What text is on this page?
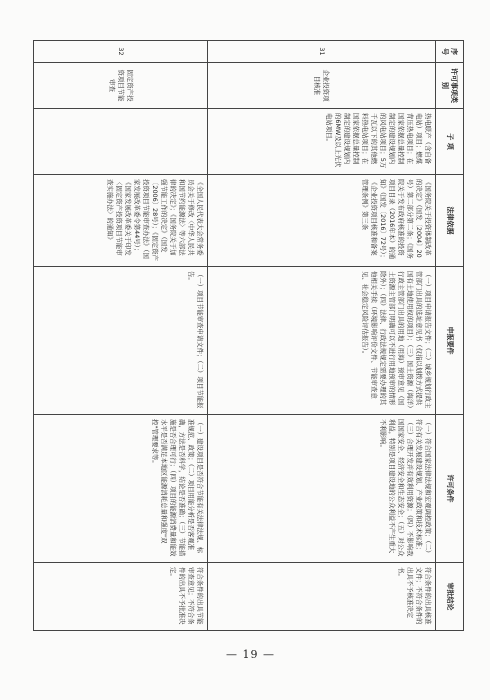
序号	许可事项类别	子 项	法律依据	申报要件	许可条件	审批结论
31	企业投资项目核准	热电联产（含自备电站）项目；燃煤背压热电项目；在国家依据总量控制制定的建设规划内的风电站项目；5万千瓦以下的其他燃料热电站项目；在国家依据总量控制制定的建设规划内的6MW及以上光伏电站项目。	《国务院关于投资体制改革的决定》（国发〔2004〕20号）第二部分第二条；《国务院关于发布政府核准的投资项目目录（2016年本）的通知》（国发〔2016〕72号）；《企业投资项目核准和备案管理条例》第三条	（一）项目申请报告文件；（二）城乡规划行政主管部门出具的选址意见书（仅指以划拨方式提供国有土地使用权的项目）；（三）国土资源（海洋）行政主管部门出具的用地（用海）预审意见（国土资源主管部门明确可以不进行用地预审的情形除外）；（四）法律、行政法规规定需要办理的其他相关手续（环境影响评价文件、节能审查意见、社会稳定风险评估报告）。	（一）符合国家法律法规和宏观调控政策；（二）符合有关发展建设规划、产业政策和技术标准；（三）合理开发并有效利用资源；（四）不影响我国国家安全、经济安全和生态安全；（五）对公众利益，特别是项目建设地的公众利益不产生重大不利影响。	符合条件的出具核准文件；不符合条件的出具不予核准决定书。
32	固定资产投资项目节能审查		《全国人民代表大会常务委员会关于修改〈中华人民共和国节约能源法〉等六部法律的决定》；《国务院关于加强节能工作的决定》（国发〔2006〕28号）；《固定资产投资项目节能审查办法》（国家发展改革委令第44号）；《国家发展改革委关于印发〈固定资产投资项目节能审查实施办法〉的通知》	（一）项目节能审查申请文件；（二）项目节能报告。	（一）建设项目是否符合节能有关法律法规、标准规范、政策；（二）项目用能分析是否客观准确，方法是否科学，结论是否准确；（三）节能措施是否合理可行；（四）项目的能源消费量和能效水平是否满足本地区能源消耗总量和强度"双控"管理要求等。	符合条件的出具节能审查意见；不符合条件的出具不予批准决定。
— 19 —
